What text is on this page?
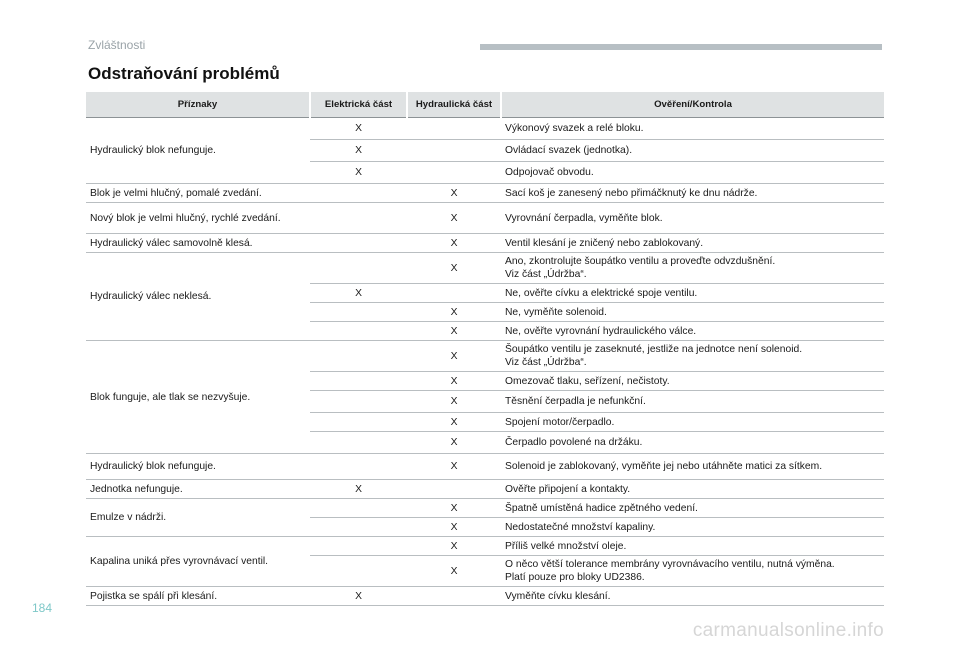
Zvláštnosti
Odstraňování problémů
Příznaky	Elektrická část	Hydraulická část	Ověření/Kontrola
Hydraulický blok nefunguje.	X		Výkonový svazek a relé bloku.
	X		Ovládací svazek (jednotka).
	X		Odpojovač obvodu.
Blok je velmi hlučný, pomalé zvedání.		X	Sací koš je zanesený nebo přimáčknutý ke dnu nádrže.
Nový blok je velmi hlučný, rychlé zvedání.		X	Vyrovnání čerpadla, vyměňte blok.
Hydraulický válec samovolně klesá.		X	Ventil klesání je zničený nebo zablokovaný.
Hydraulický válec neklesá.		X	Ano, zkontrolujte šoupátko ventilu a proveďte odvzdušnění.
Viz část „Údržba“.

	X		Ne, ověřte cívku a elektrické spoje ventilu.
		X	Ne, vyměňte solenoid.
		X	Ne, ověřte vyrovnání hydraulického válce.
Blok funguje, ale tlak se nezvyšuje.		X	Šoupátko ventilu je zaseknuté, jestliže na jednotce není solenoid.
Viz část „Údržba“.

		X	Omezovač tlaku, seřízení, nečistoty.
		X	Těsnění čerpadla je nefunkční.
		X	Spojení motor/čerpadlo.
		X	Čerpadlo povolené na držáku.
Hydraulický blok nefunguje.		X	Solenoid je zablokovaný, vyměňte jej nebo utáhněte matici za sítkem.
Jednotka nefunguje.	X		Ověřte připojení a kontakty.
Emulze v nádrži.		X	Špatně umístěná hadice zpětného vedení.
		X	Nedostatečné množství kapaliny.
Kapalina uniká přes vyrovnávací ventil.		X	Příliš velké množství oleje.
		X	O něco větší tolerance membrány vyrovnávacího ventilu, nutná výměna.
Platí pouze pro bloky UD2386.

Pojistka se spálí při klesání.	X		Vyměňte cívku klesání.
184
carmanualsonline.info
